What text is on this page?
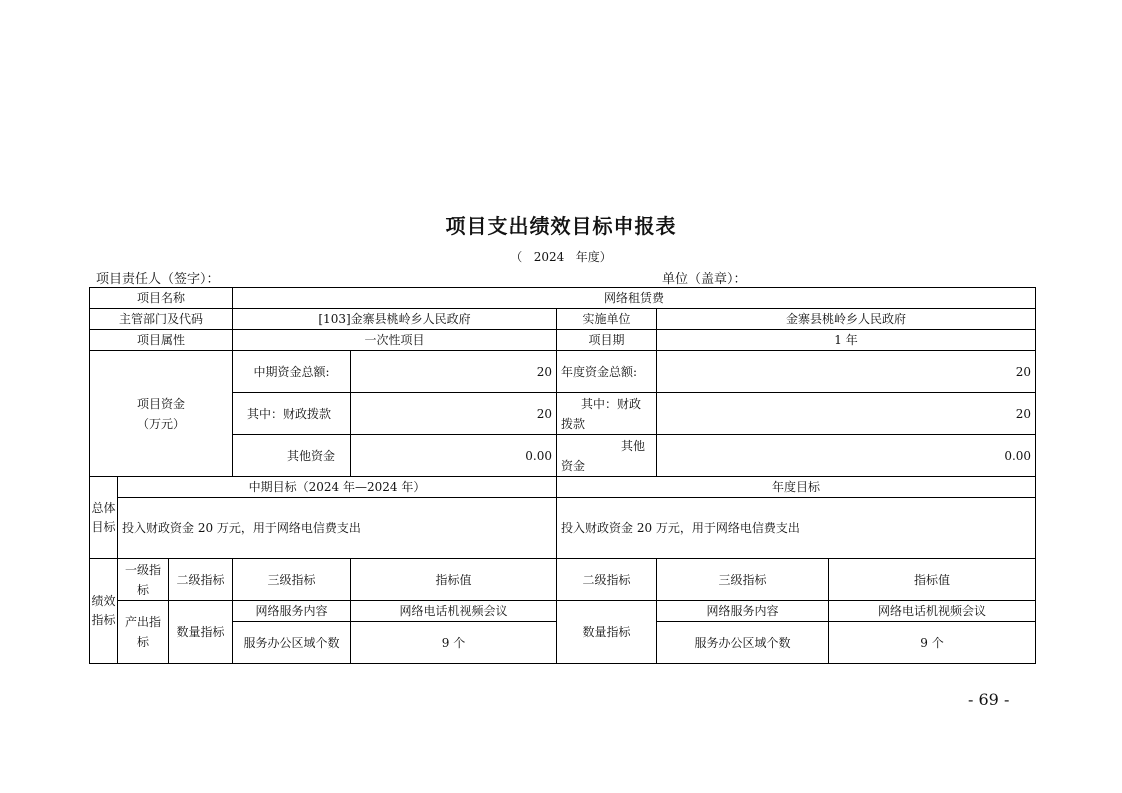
项目支出绩效目标申报表
（   2024   年度）
项目责任人（签字）：	单位（盖章）：
项目名称			网络租赁费				
主管部门及代码			[103]金寨县桃岭乡人民政府		实施单位	金寨县桃岭乡人民政府	
项目属性			一次性项目		项目期	1 年	

项目资金
（万元）			中期资金总额:	20	年度资金总额:	20	
			其中：财政拨款	20	其中：财政拨款	20	
			其他资金	0.00	其他资金	0.00	
总体目标	中期目标（2024 年—2024 年）				年度目标		
	投入财政资金 20 万元，用于网络电信费支出				投入财政资金 20 万元，用于网络电信费支出		
绩效指标	一级指标	二级指标	三级指标	指标值	二级指标	三级指标	指标值
	产出指标	数量指标	网络服务内容	网络电话机视频会议	数量指标	网络服务内容	网络电话机视频会议
			服务办公区域个数	9 个		服务办公区域个数	9 个
- 69 -
